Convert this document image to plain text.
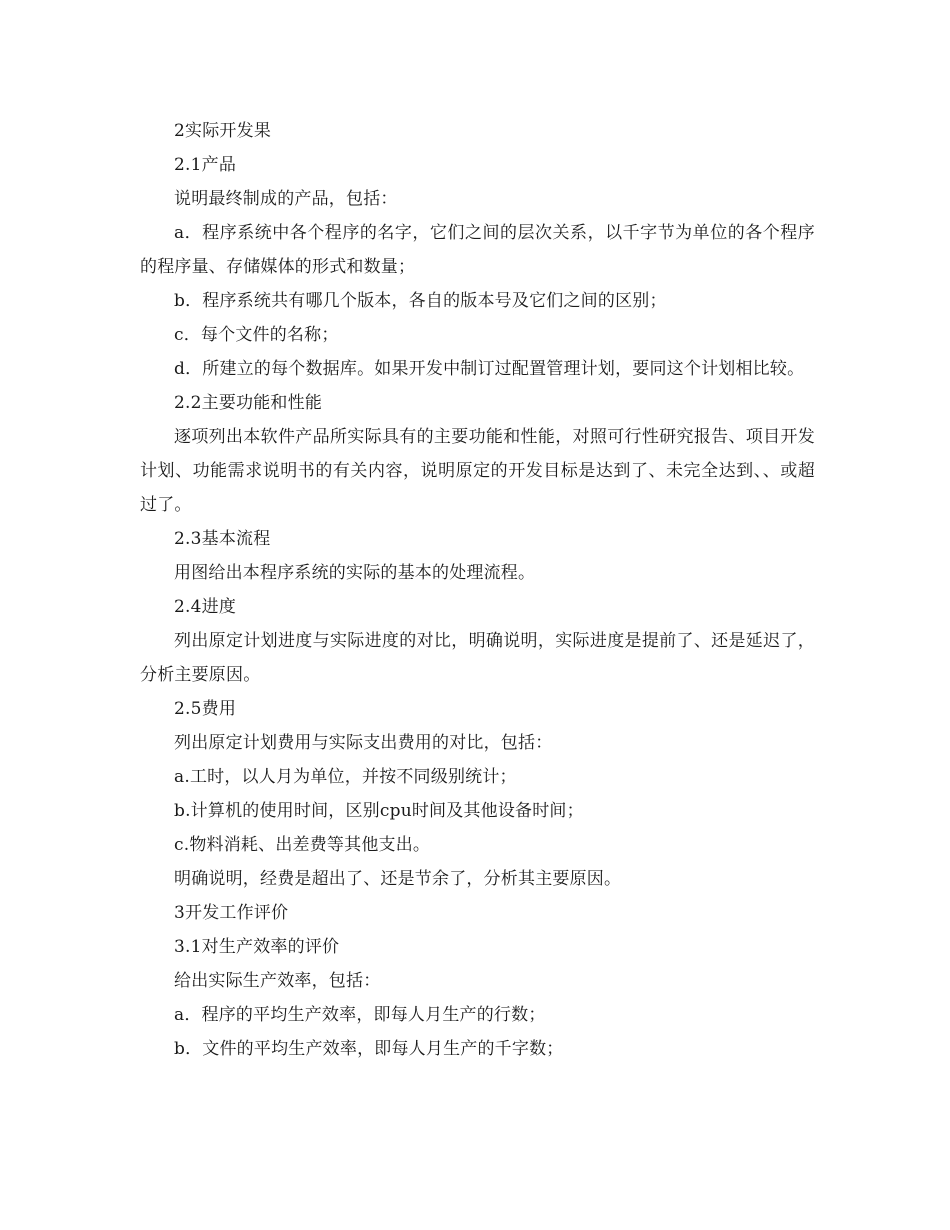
2实际开发果

2.1产品

说明最终制成的产品，包括：

a．程序系统中各个程序的名字，它们之间的层次关系，以千字节为单位的各个程序的程序量、存储媒体的形式和数量；

b．程序系统共有哪几个版本，各自的版本号及它们之间的区别；

c．每个文件的名称；

d．所建立的每个数据库。如果开发中制订过配置管理计划，要同这个计划相比较。

2.2主要功能和性能

逐项列出本软件产品所实际具有的主要功能和性能，对照可行性研究报告、项目开发计划、功能需求说明书的有关内容，说明原定的开发目标是达到了、未完全达到、、或超过了。

2.3基本流程

用图给出本程序系统的实际的基本的处理流程。

2.4进度

列出原定计划进度与实际进度的对比，明确说明，实际进度是提前了、还是延迟了，分析主要原因。

2.5费用

列出原定计划费用与实际支出费用的对比，包括：

a.工时，以人月为单位，并按不同级别统计；

b.计算机的使用时间，区别cpu时间及其他设备时间；

c.物料消耗、出差费等其他支出。

明确说明，经费是超出了、还是节余了，分析其主要原因。

3开发工作评价

3.1对生产效率的评价

给出实际生产效率，包括：

a．程序的平均生产效率，即每人月生产的行数；

b．文件的平均生产效率，即每人月生产的千字数；
